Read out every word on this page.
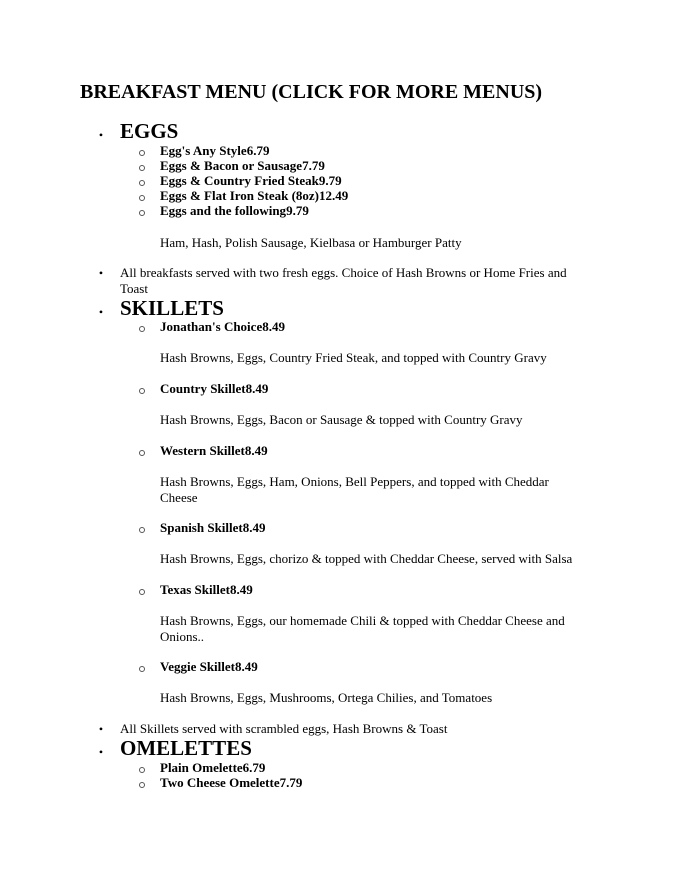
BREAKFAST MENU (CLICK FOR MORE MENUS)
• EGGS
Egg's Any Style6.79
Eggs & Bacon or Sausage7.79
Eggs & Country Fried Steak9.79
Eggs & Flat Iron Steak (8oz)12.49
Eggs and the following9.79
Ham, Hash, Polish Sausage, Kielbasa or Hamburger Patty
• All breakfasts served with two fresh eggs. Choice of Hash Browns or Home Fries and Toast
• SKILLETS
Jonathan's Choice8.49
Hash Browns, Eggs, Country Fried Steak, and topped with Country Gravy
Country Skillet8.49
Hash Browns, Eggs, Bacon or Sausage & topped with Country Gravy
Western Skillet8.49
Hash Browns, Eggs, Ham, Onions, Bell Peppers, and topped with Cheddar Cheese
Spanish Skillet8.49
Hash Browns, Eggs, chorizo & topped with Cheddar Cheese, served with Salsa
Texas Skillet8.49
Hash Browns, Eggs, our homemade Chili & topped with Cheddar Cheese and Onions..
Veggie Skillet8.49
Hash Browns, Eggs, Mushrooms, Ortega Chilies, and Tomatoes
• All Skillets served with scrambled eggs, Hash Browns & Toast
• OMELETTES
Plain Omelette6.79
Two Cheese Omelette7.79
